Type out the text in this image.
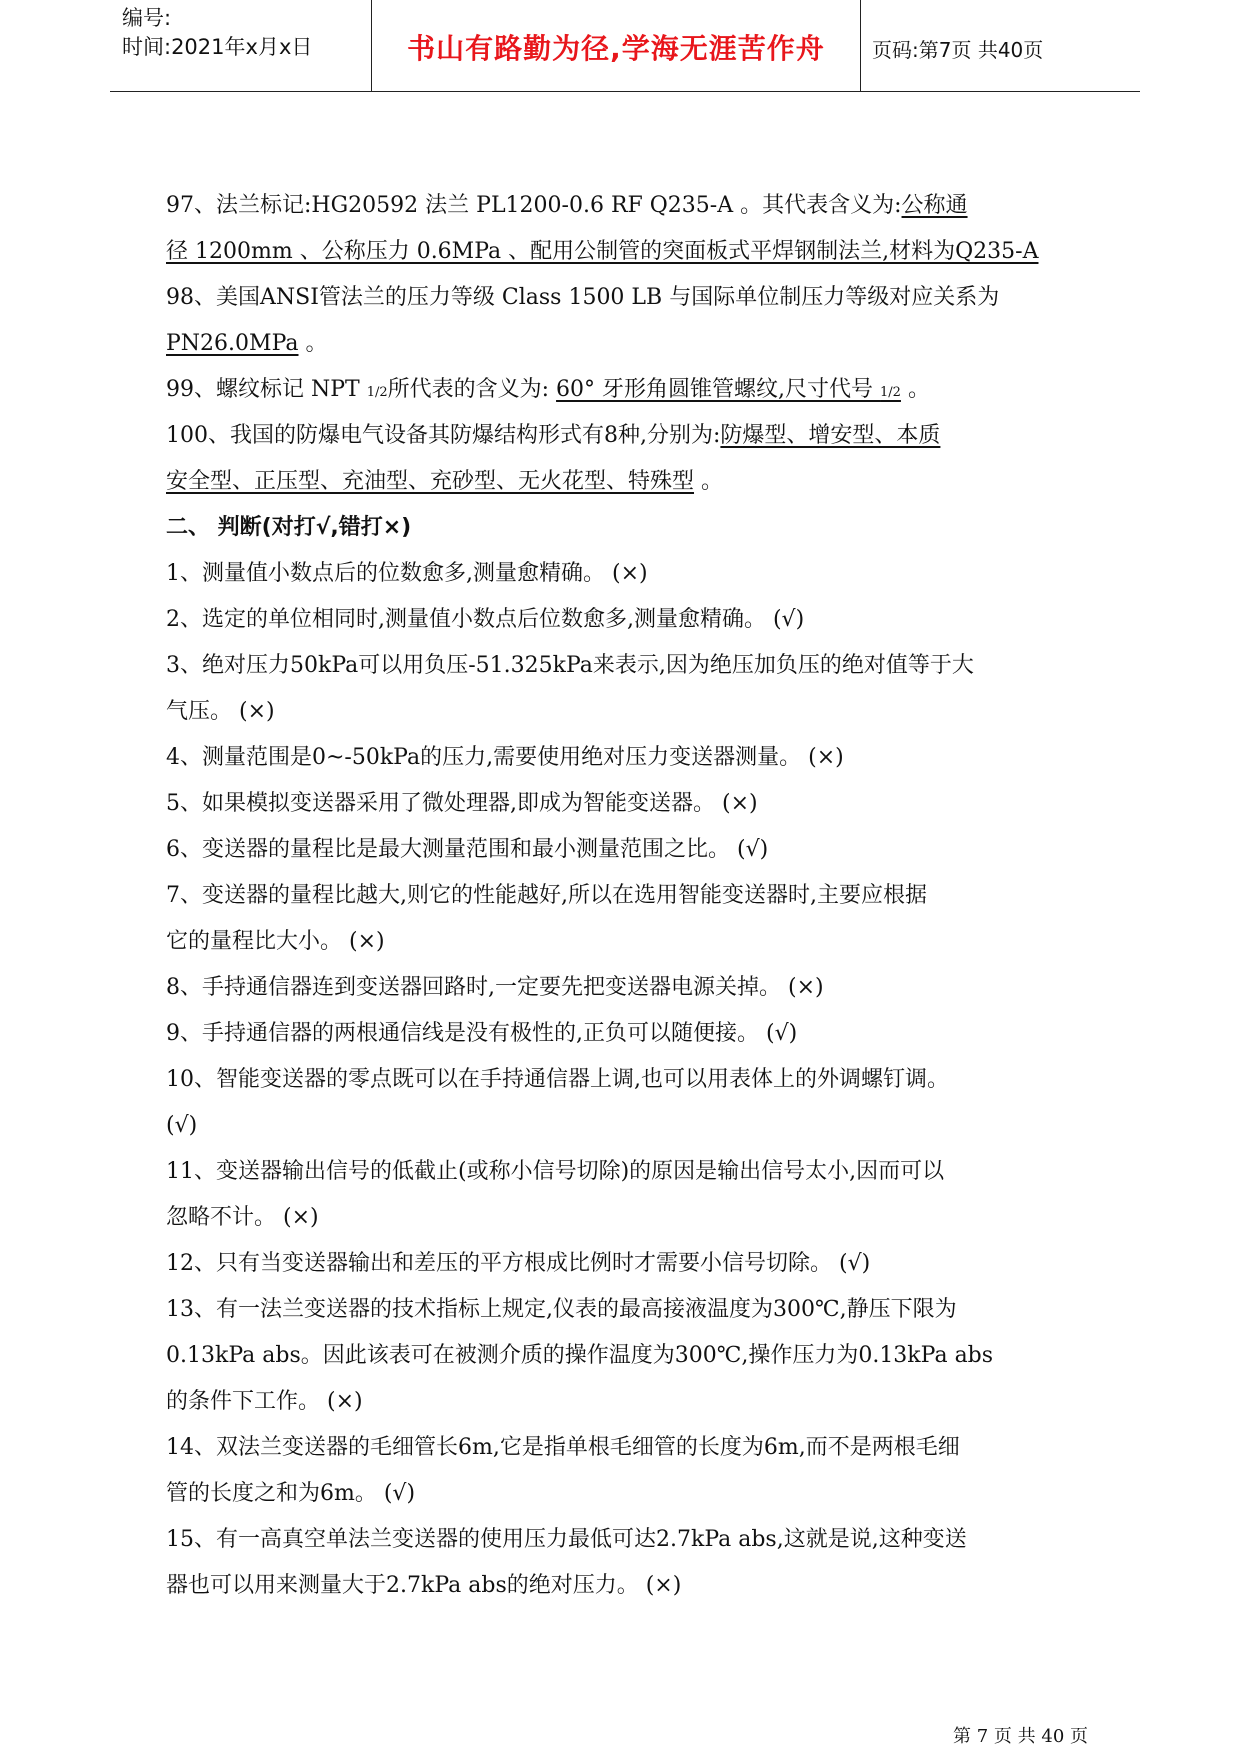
编号:
时间:2021年x月x日	书山有路勤为径,学海无涯苦作舟	页码:第7页 共40页
97、法兰标记:HG20592 法兰 PL1200-0.6 RF Q235-A 。其代表含义为:公称通
径 1200mm 、公称压力 0.6MPa 、配用公制管的突面板式平焊钢制法兰,材料为Q235-A
98、美国ANSI管法兰的压力等级 Class 1500 LB 与国际单位制压力等级对应关系为
PN26.0MPa 。
99、螺纹标记 NPT 1/2所代表的含义为: 60° 牙形角圆锥管螺纹,尺寸代号 1/2 。
100、我国的防爆电气设备其防爆结构形式有8种,分别为:防爆型、增安型、本质
安全型、正压型、充油型、充砂型、无火花型、特殊型 。
二、 判断(对打√,错打×)
1、测量值小数点后的位数愈多,测量愈精确。 (×)
2、选定的单位相同时,测量值小数点后位数愈多,测量愈精确。 (√)
3、绝对压力50kPa可以用负压-51.325kPa来表示,因为绝压加负压的绝对值等于大
气压。 (×)
4、测量范围是0~-50kPa的压力,需要使用绝对压力变送器测量。 (×)
5、如果模拟变送器采用了微处理器,即成为智能变送器。 (×)
6、变送器的量程比是最大测量范围和最小测量范围之比。 (√)
7、变送器的量程比越大,则它的性能越好,所以在选用智能变送器时,主要应根据
它的量程比大小。 (×)
8、手持通信器连到变送器回路时,一定要先把变送器电源关掉。 (×)
9、手持通信器的两根通信线是没有极性的,正负可以随便接。 (√)
10、智能变送器的零点既可以在手持通信器上调,也可以用表体上的外调螺钉调。
(√)
11、变送器输出信号的低截止(或称小信号切除)的原因是输出信号太小,因而可以
忽略不计。 (×)
12、只有当变送器输出和差压的平方根成比例时才需要小信号切除。 (√)
13、有一法兰变送器的技术指标上规定,仪表的最高接液温度为300℃,静压下限为
0.13kPa abs。因此该表可在被测介质的操作温度为300℃,操作压力为0.13kPa abs
的条件下工作。 (×)
14、双法兰变送器的毛细管长6m,它是指单根毛细管的长度为6m,而不是两根毛细
管的长度之和为6m。 (√)
15、有一高真空单法兰变送器的使用压力最低可达2.7kPa abs,这就是说,这种变送
器也可以用来测量大于2.7kPa abs的绝对压力。 (×)
第 7 页 共 40 页
